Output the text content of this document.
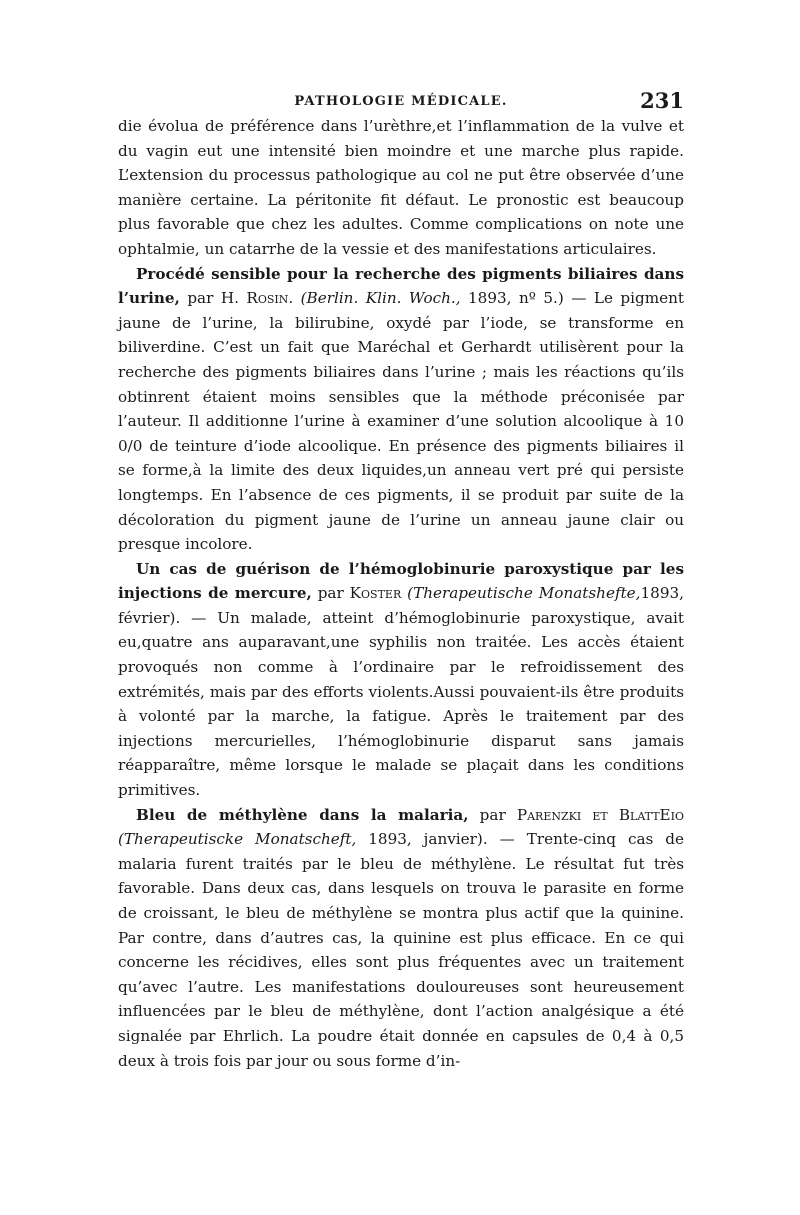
PATHOLOGIE MÉDICALE.	231

die évolua de préférence dans l’urèthre,et l’inflammation de la vulve et du vagin eut une intensité bien moindre et une marche plus rapide. L’extension du processus pathologique au col ne put être observée d’une manière certaine. La péritonite fit défaut. Le pronostic est beaucoup plus favorable que chez les adultes. Comme complications on note une ophtalmie, un catarrhe de la vessie et des manifestations articulaires.

Procédé sensible pour la recherche des pigments biliaires dans l’urine, par H. Rosin. (Berlin. Klin. Woch., 1893, nº 5.) — Le pigment jaune de l’urine, la bilirubine, oxydé par l’iode, se transforme en biliverdine. C’est un fait que Maréchal et Gerhardt utilisèrent pour la recherche des pigments biliaires dans l’urine ; mais les réactions qu’ils obtinrent étaient moins sensibles que la méthode préconisée par l’auteur. Il additionne l’urine à examiner d’une solution alcoolique à 10 0/0 de teinture d’iode alcoolique. En présence des pigments biliaires il se forme,à la limite des deux liquides,un anneau vert pré qui persiste longtemps. En l’absence de ces pigments, il se produit par suite de la décoloration du pigment jaune de l’urine un anneau jaune clair ou presque incolore.

Un cas de guérison de l’hémoglobinurie paroxystique par les injections de mercure, par Koster (Therapeutische Monatshefte,1893, février). — Un malade, atteint d’hémoglobinurie paroxystique, avait eu,quatre ans auparavant,une syphilis non traitée. Les accès étaient provoqués non comme à l’ordinaire par le refroidissement des extrémités, mais par des efforts violents.Aussi pouvaient-ils être produits à volonté par la marche, la fatigue. Après le traitement par des injections mercurielles, l’hémoglobinurie disparut sans jamais réapparaître, même lorsque le malade se plaçait dans les conditions primitives.

Bleu de méthylène dans la malaria, par Parenzki et BlattEio (Therapeutiscke Monatscheft, 1893, janvier). — Trente-cinq cas de malaria furent traités par le bleu de méthylène. Le résultat fut très favorable. Dans deux cas, dans lesquels on trouva le parasite en forme de croissant, le bleu de méthylène se montra plus actif que la quinine. Par contre, dans d’autres cas, la quinine est plus efficace. En ce qui concerne les récidives, elles sont plus fréquentes avec un traitement qu’avec l’autre. Les manifestations douloureuses sont heureusement influencées par le bleu de méthylène, dont l’action analgésique a été signalée par Ehrlich. La poudre était donnée en capsules de 0,4 à 0,5 deux à trois fois par jour ou sous forme d’in-
